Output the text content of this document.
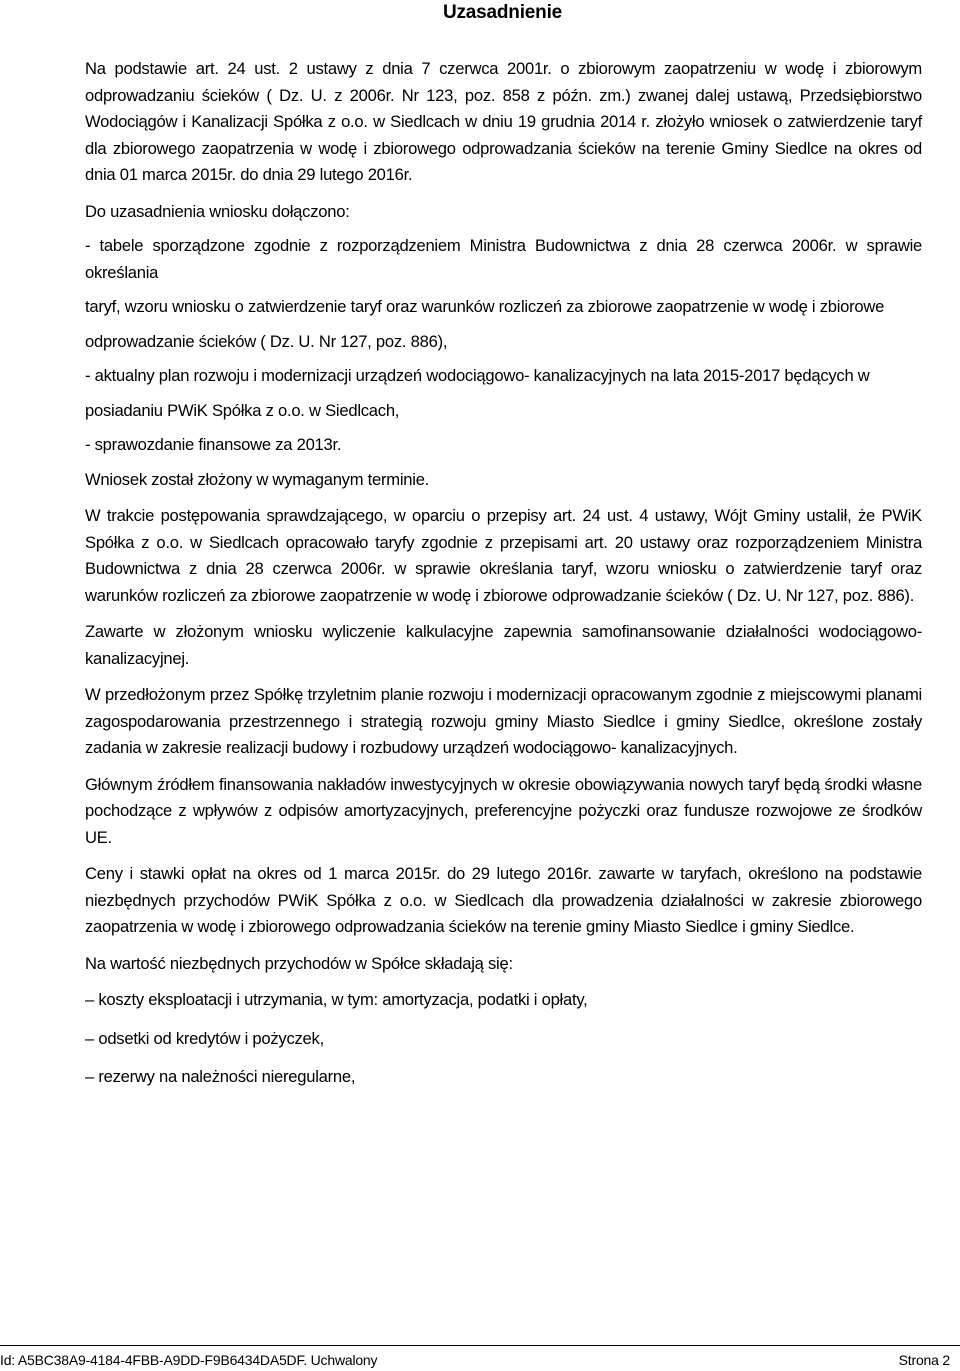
Uzasadnienie

Na podstawie art. 24 ust. 2 ustawy z dnia 7 czerwca 2001r. o zbiorowym zaopatrzeniu w wodę i zbiorowym odprowadzaniu ścieków ( Dz. U. z 2006r. Nr 123, poz. 858 z późn. zm.) zwanej dalej ustawą, Przedsiębiorstwo Wodociągów i Kanalizacji Spółka z o.o. w Siedlcach w dniu 19 grudnia 2014 r. złożyło wniosek o zatwierdzenie taryf dla zbiorowego zaopatrzenia w wodę i zbiorowego odprowadzania ścieków na terenie Gminy Siedlce na okres od dnia 01 marca 2015r. do dnia 29 lutego 2016r.

Do uzasadnienia wniosku dołączono:

- tabele sporządzone zgodnie z rozporządzeniem Ministra Budownictwa z dnia 28 czerwca 2006r. w sprawie określania

taryf, wzoru wniosku o zatwierdzenie taryf oraz warunków rozliczeń za zbiorowe zaopatrzenie w wodę i zbiorowe

odprowadzanie ścieków ( Dz. U. Nr 127, poz. 886),

- aktualny plan rozwoju i modernizacji urządzeń wodociągowo- kanalizacyjnych na lata 2015-2017 będących w

posiadaniu PWiK Spółka z o.o. w Siedlcach,

- sprawozdanie finansowe za 2013r.

Wniosek został złożony w wymaganym terminie.

W trakcie postępowania sprawdzającego, w oparciu o przepisy art. 24 ust. 4 ustawy, Wójt Gminy ustalił, że PWiK Spółka z o.o. w Siedlcach opracowało taryfy zgodnie z przepisami art. 20 ustawy oraz rozporządzeniem Ministra Budownictwa z dnia 28 czerwca 2006r. w sprawie określania taryf, wzoru wniosku o zatwierdzenie taryf oraz warunków rozliczeń za zbiorowe zaopatrzenie w wodę i zbiorowe odprowadzanie ścieków ( Dz. U. Nr 127, poz. 886).

Zawarte w złożonym wniosku wyliczenie kalkulacyjne zapewnia samofinansowanie działalności wodociągowo- kanalizacyjnej.

W przedłożonym przez Spółkę trzyletnim planie rozwoju i modernizacji opracowanym zgodnie z miejscowymi planami zagospodarowania przestrzennego i strategią rozwoju gminy Miasto Siedlce i gminy Siedlce, określone zostały zadania w zakresie realizacji budowy i rozbudowy urządzeń wodociągowo- kanalizacyjnych.

Głównym źródłem finansowania nakładów inwestycyjnych w okresie obowiązywania nowych taryf będą środki własne pochodzące z wpływów z odpisów amortyzacyjnych, preferencyjne pożyczki oraz fundusze rozwojowe ze środków UE.

Ceny i stawki opłat na okres od 1 marca 2015r. do 29 lutego 2016r. zawarte w taryfach, określono na podstawie niezbędnych przychodów PWiK Spółka z o.o. w Siedlcach dla prowadzenia działalności w zakresie zbiorowego zaopatrzenia w wodę i zbiorowego odprowadzania ścieków na terenie gminy Miasto Siedlce i gminy Siedlce.

Na wartość niezbędnych przychodów w Spółce składają się:

– koszty eksploatacji i utrzymania, w tym: amortyzacja, podatki i opłaty,
– odsetki od kredytów i pożyczek,
– rezerwy na należności nieregularne,
Id: A5BC38A9-4184-4FBB-A9DD-F9B6434DA5DF. Uchwalony	Strona 2
